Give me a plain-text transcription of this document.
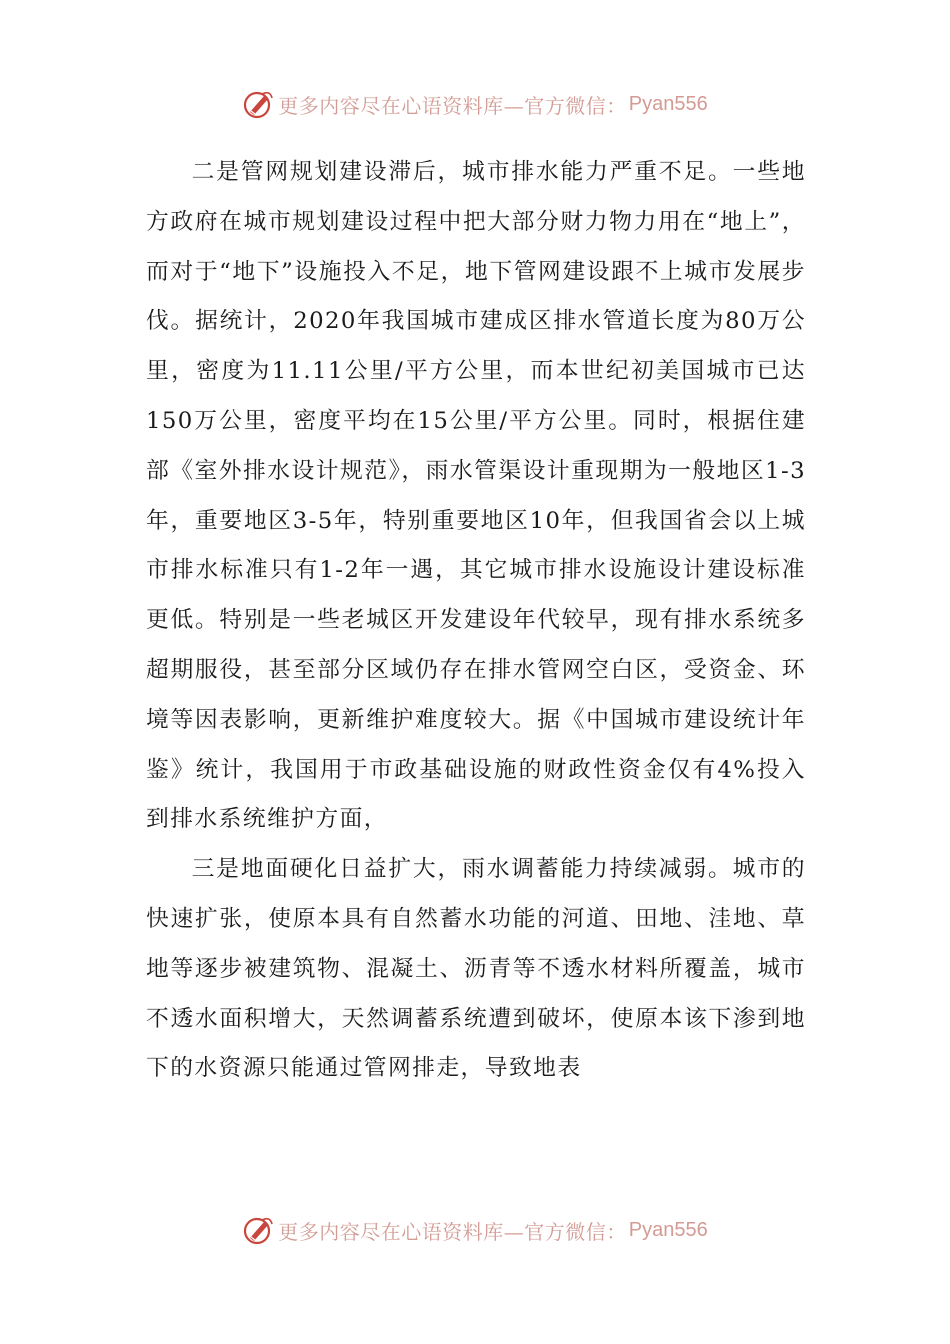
更多内容尽在心语资料库—官方微信： Pyan556

二是管网规划建设滞后，城市排水能力严重不足。一些地方政府在城市规划建设过程中把大部分财力物力用在“地上”，而对于“地下”设施投入不足，地下管网建设跟不上城市发展步伐。据统计，2020年我国城市建成区排水管道长度为80万公里，密度为11.11公里/平方公里，而本世纪初美国城市已达150万公里，密度平均在15公里/平方公里。同时，根据住建部《室外排水设计规范》，雨水管渠设计重现期为一般地区1-3年，重要地区3-5年，特别重要地区10年，但我国省会以上城市排水标准只有1-2年一遇，其它城市排水设施设计建设标准更低。特别是一些老城区开发建设年代较早，现有排水系统多超期服役，甚至部分区域仍存在排水管网空白区，受资金、环境等因表影响，更新维护难度较大。据《中国城市建设统计年鉴》统计，我国用于市政基础设施的财政性资金仅有4%投入到排水系统维护方面，

三是地面硬化日益扩大，雨水调蓄能力持续减弱。城市的快速扩张，使原本具有自然蓄水功能的河道、田地、洼地、草地等逐步被建筑物、混凝土、沥青等不透水材料所覆盖，城市不透水面积增大，天然调蓄系统遭到破坏，使原本该下渗到地下的水资源只能通过管网排走，导致地表

更多内容尽在心语资料库—官方微信： Pyan556
